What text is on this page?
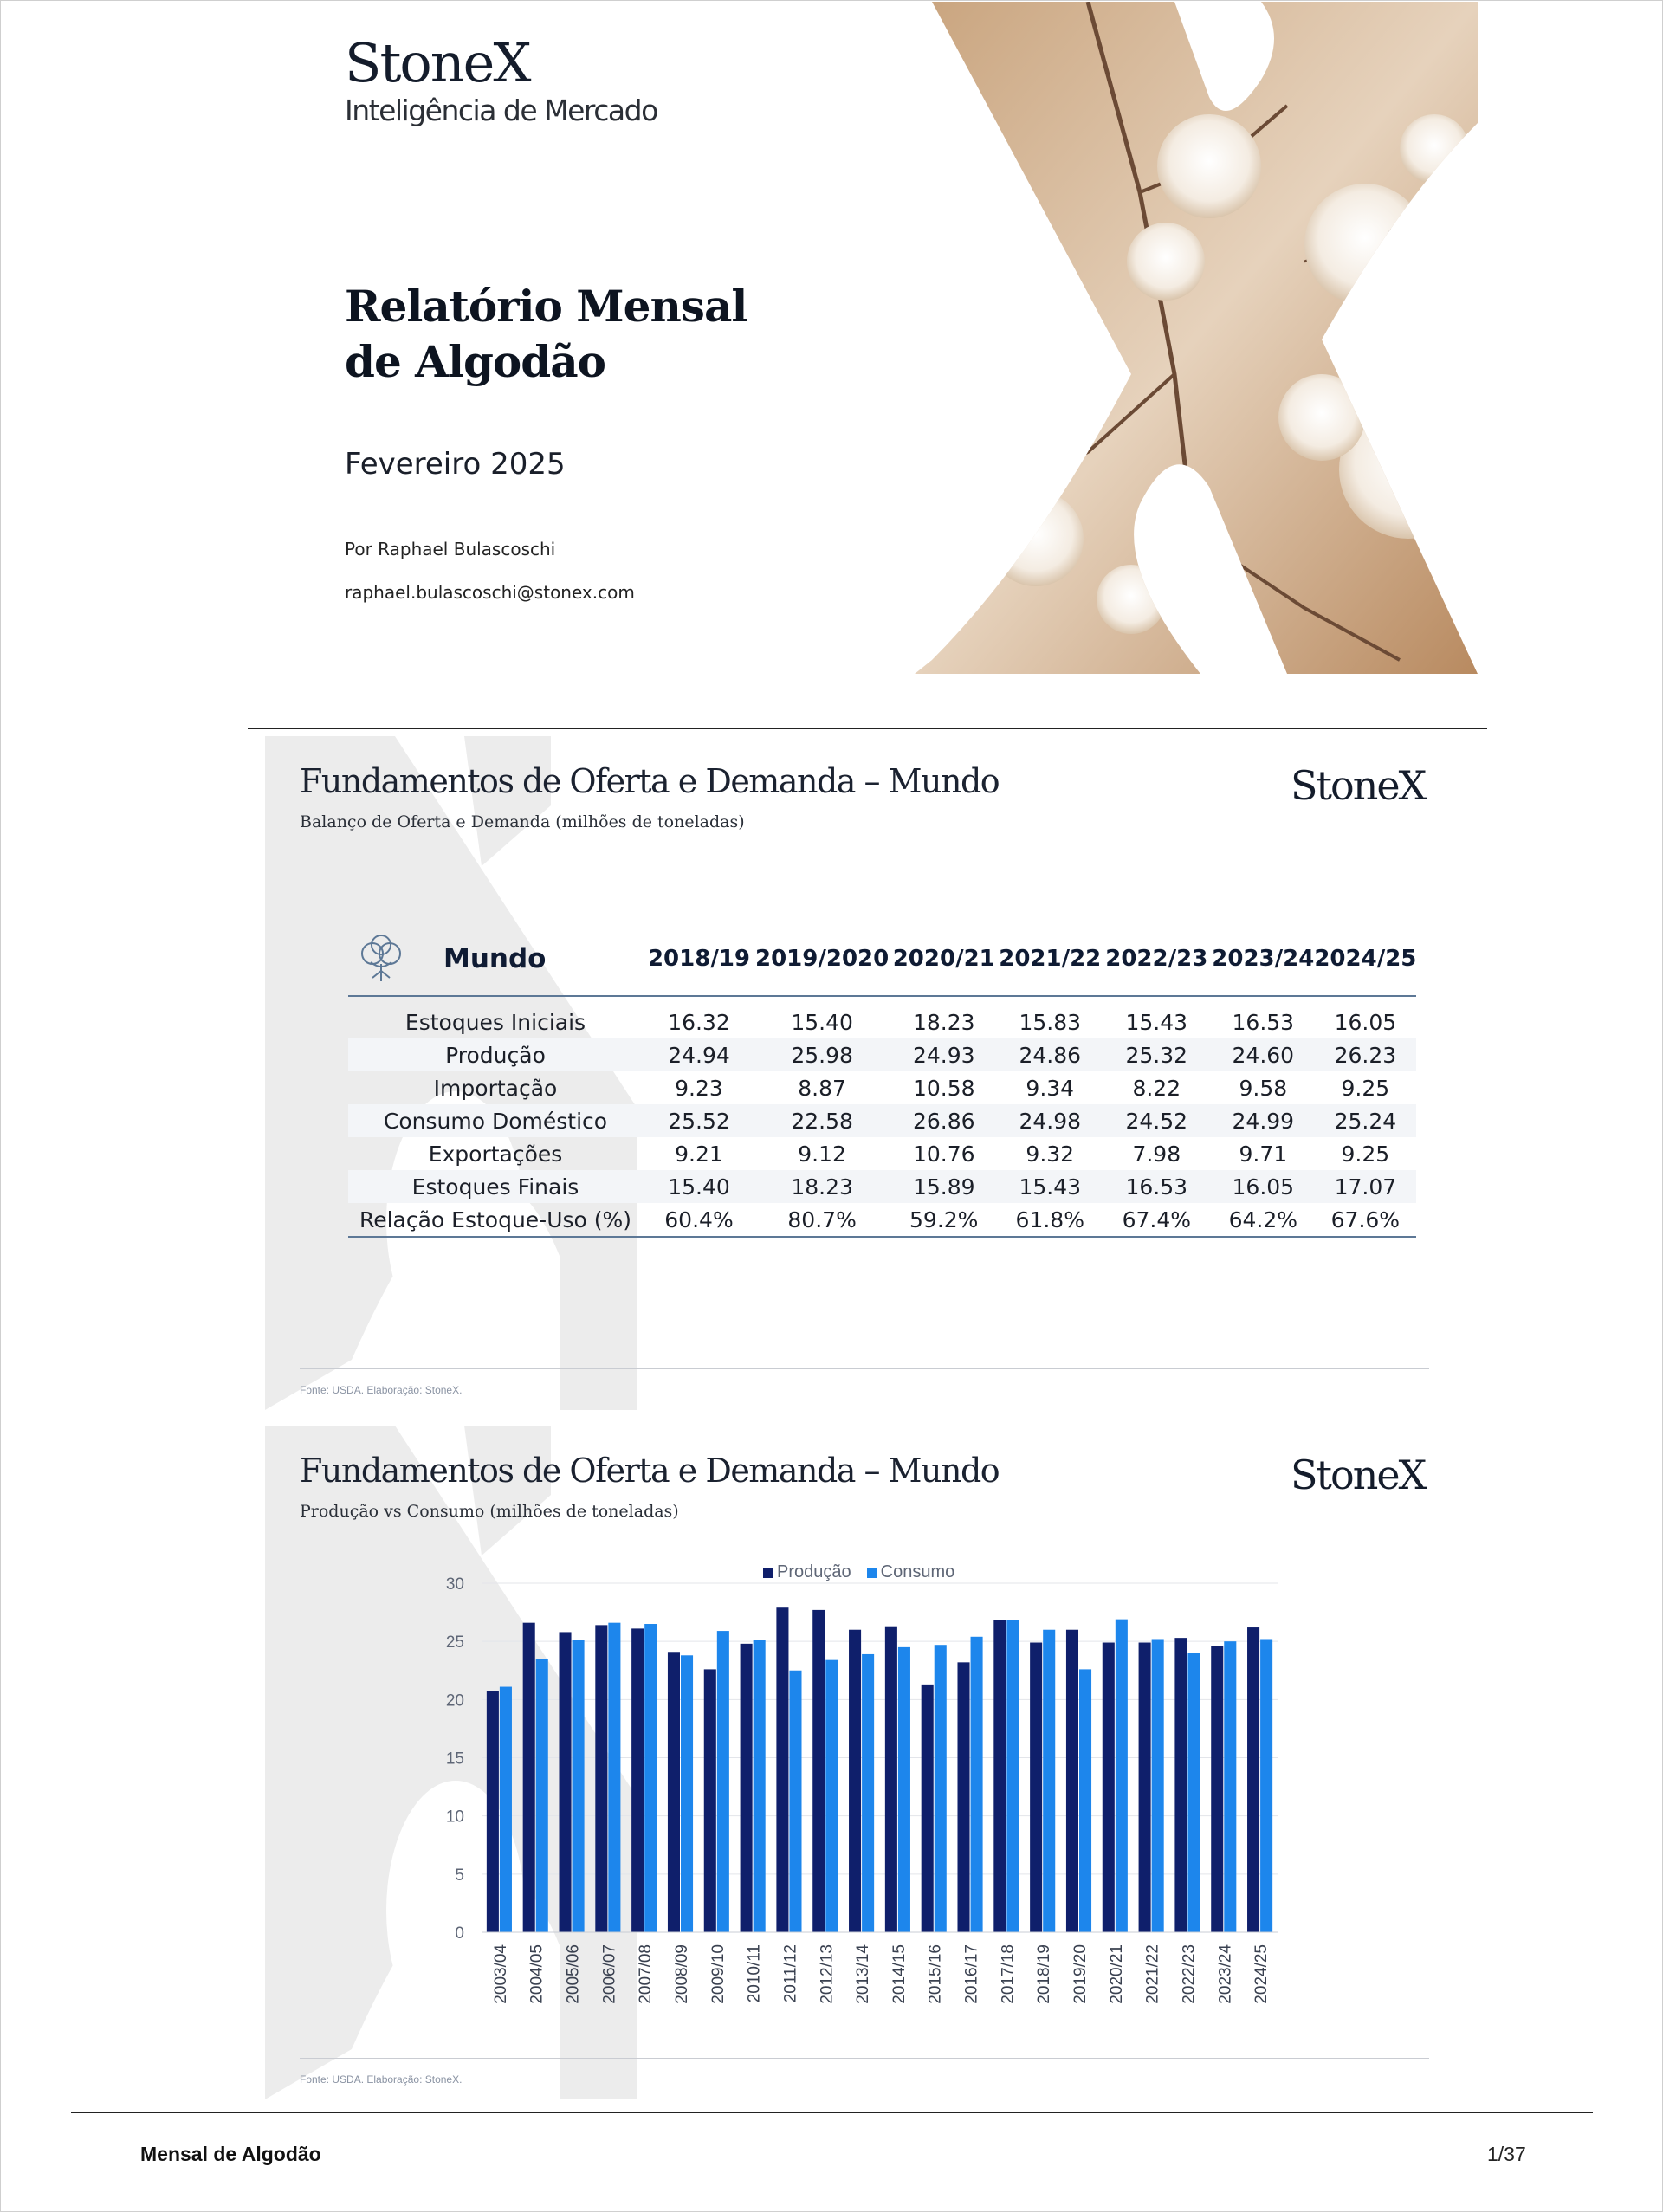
StoneX
Inteligência de Mercado
Relatório Mensal
de Algodão
Fevereiro 2025
Por Raphael Bulascoschi
raphael.bulascoschi@stonex.com
Fundamentos de Oferta e Demanda – Mundo
Balanço de Oferta e Demanda (milhões de toneladas)
StoneX
Mundo	2018/19	2019/2020	2020/21	2021/22	2022/23	2023/24	2024/25
Estoques Iniciais	16.32	15.40	18.23	15.83	15.43	16.53	16.05
Produção	24.94	25.98	24.93	24.86	25.32	24.60	26.23
Importação	9.23	8.87	10.58	9.34	8.22	9.58	9.25
Consumo Doméstico	25.52	22.58	26.86	24.98	24.52	24.99	25.24
Exportações	9.21	9.12	10.76	9.32	7.98	9.71	9.25
Estoques Finais	15.40	18.23	15.89	15.43	16.53	16.05	17.07
Relação Estoque-Uso (%)	60.4%	80.7%	59.2%	61.8%	67.4%	64.2%	67.6%
Fonte: USDA. Elaboração: StoneX.
Fundamentos de Oferta e Demanda – Mundo
Produção vs Consumo (milhões de toneladas)
StoneX
0
5
10
15
20
25
30
2003/04 2004/05 2005/06 2006/07 2007/08 2008/09 2009/10 2010/11 2011/12 2012/13 2013/14 2014/15 2015/16 2016/17 2017/18 2018/19 2019/20 2020/21 2021/22 2022/23 2023/24 2024/25
Produção Consumo
Fonte: USDA. Elaboração: StoneX.
Mensal de Algodão	1/37
